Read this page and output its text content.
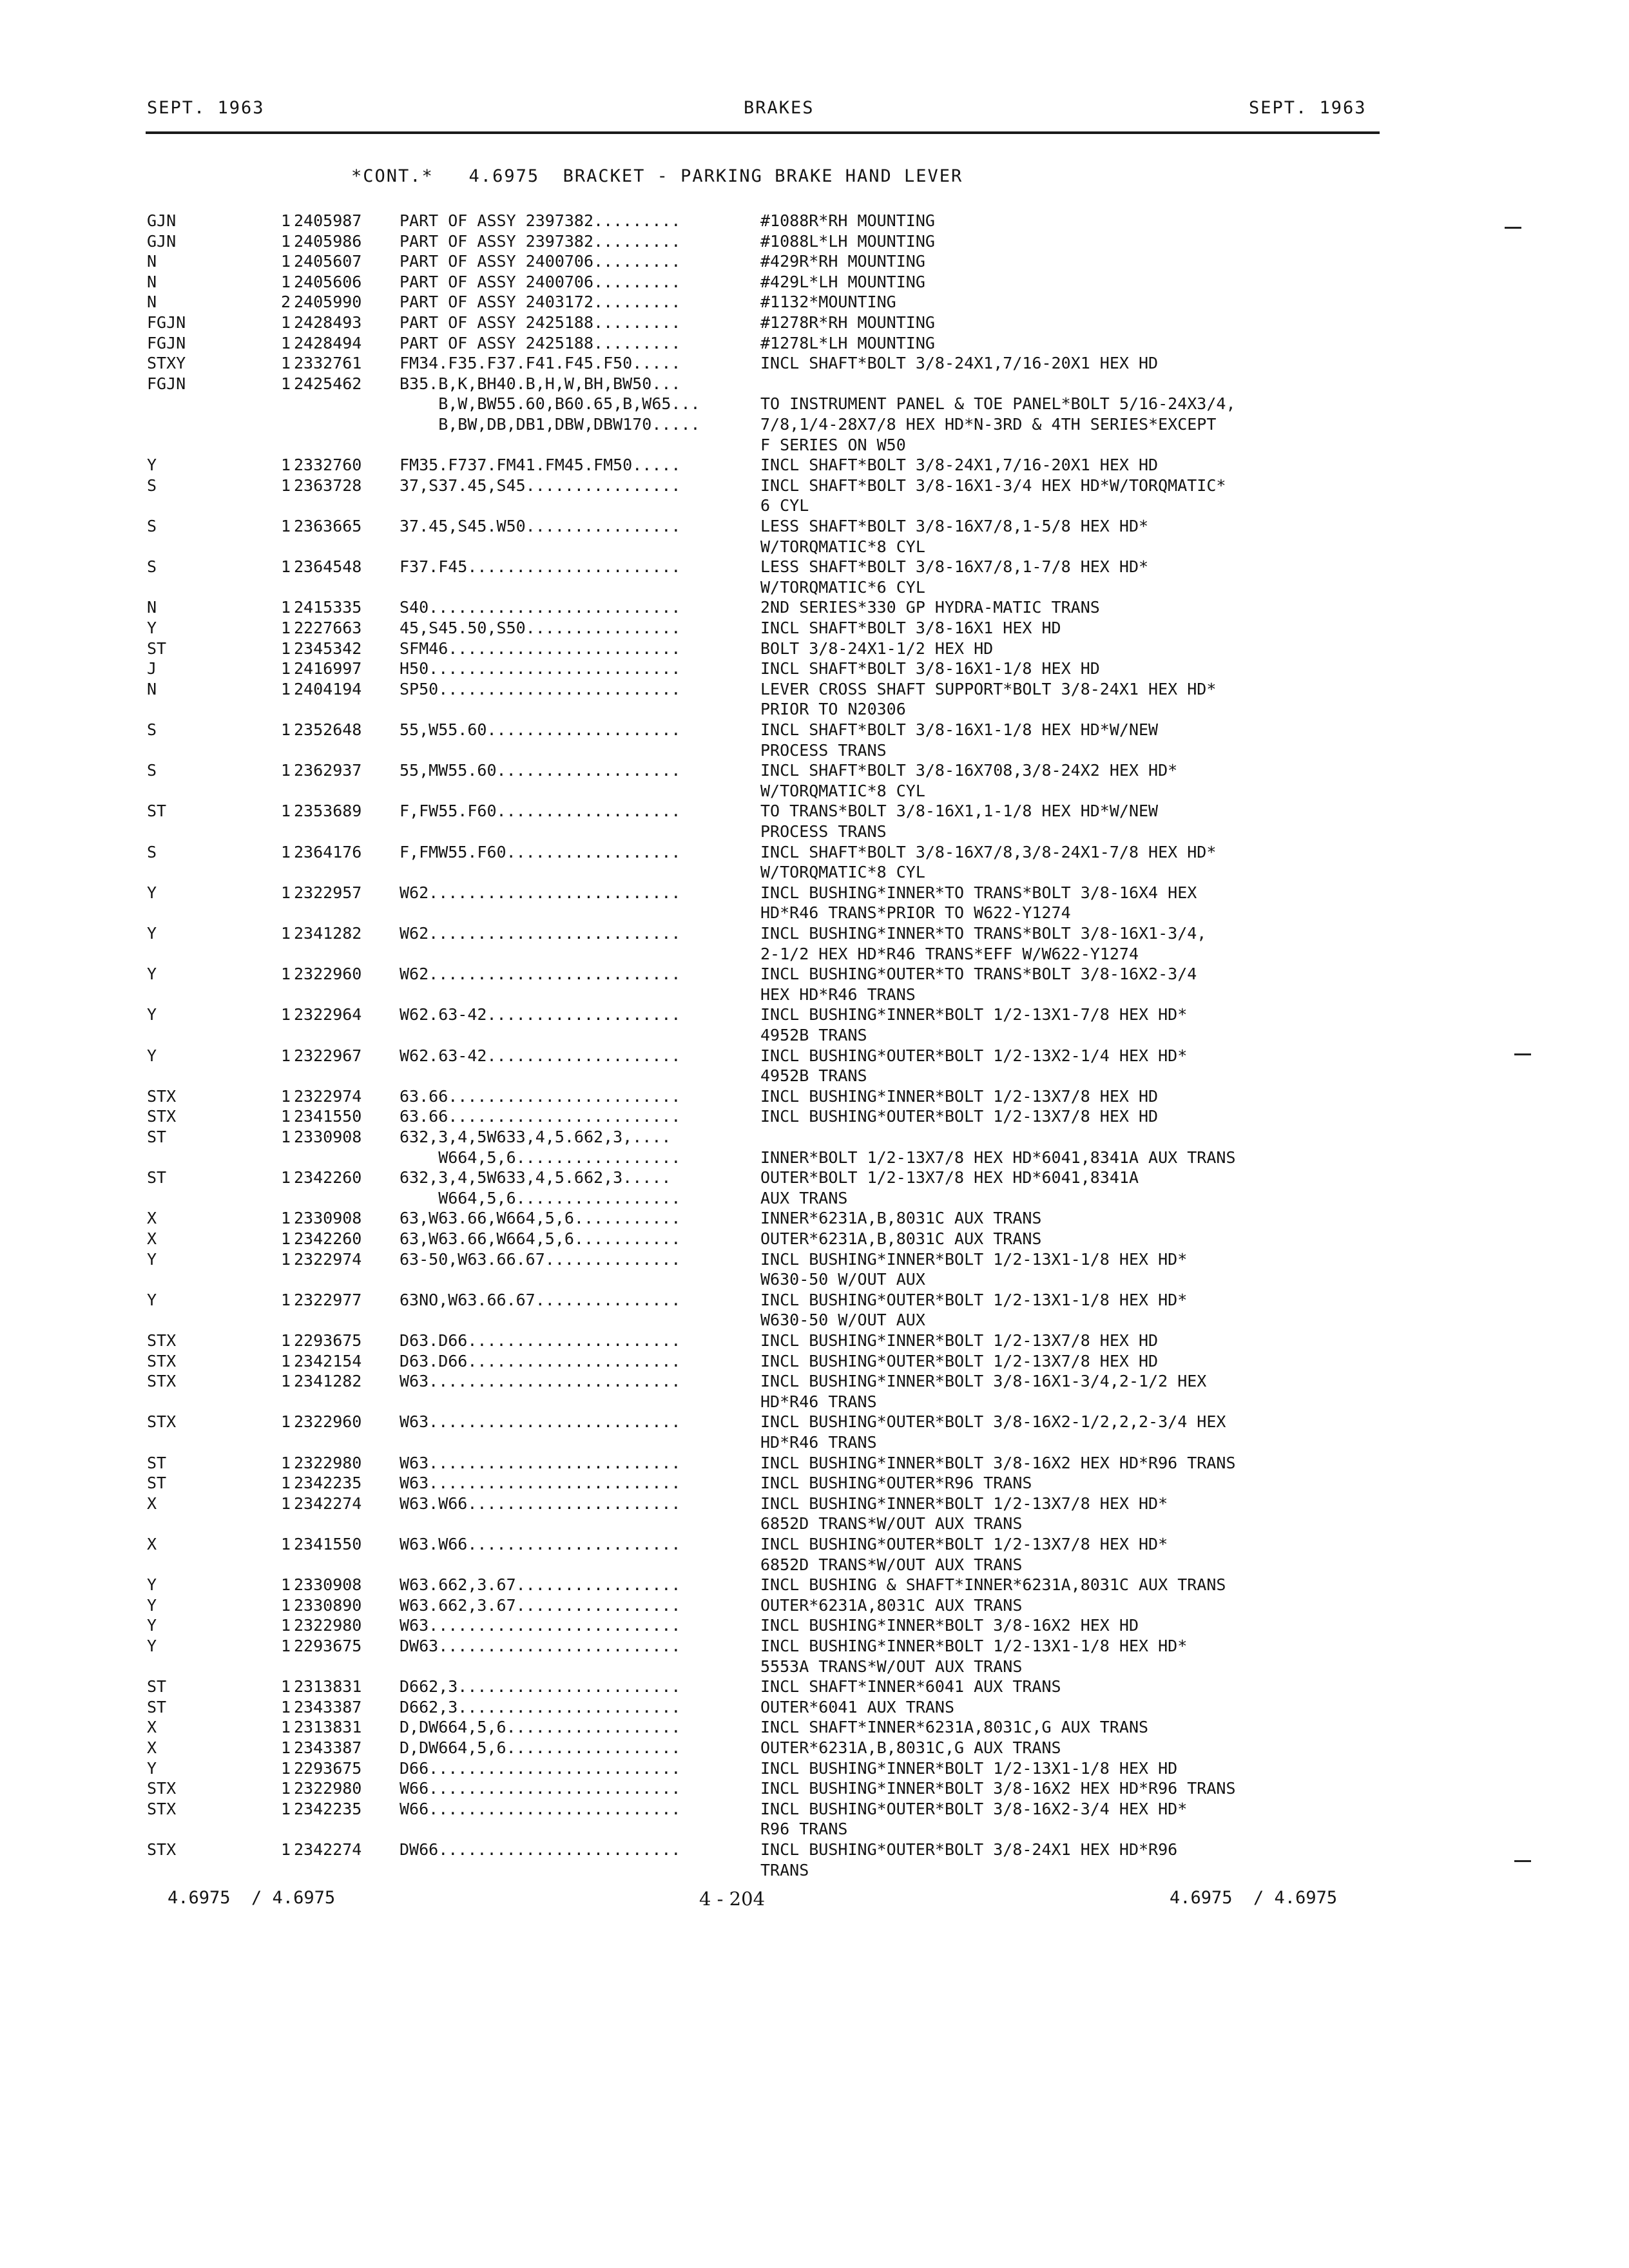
SEPT. 1963	BRAKES	SEPT. 1963
*CONT.*   4.6975  BRACKET - PARKING BRAKE HAND LEVER
GJN	1 2405987 PART OF ASSY 2397382.........	#1088R*RH MOUNTING
GJN	1 2405986 PART OF ASSY 2397382.........	#1088L*LH MOUNTING
N	1 2405607 PART OF ASSY 2400706.........	#429R*RH MOUNTING
N	1 2405606 PART OF ASSY 2400706.........	#429L*LH MOUNTING
N	2 2405990 PART OF ASSY 2403172.........	#1132*MOUNTING
FGJN	1 2428493 PART OF ASSY 2425188.........	#1278R*RH MOUNTING
FGJN	1 2428494 PART OF ASSY 2425188.........	#1278L*LH MOUNTING
STXY	1 2332761 FM34.F35.F37.F41.F45.F50.....	INCL SHAFT*BOLT 3/8-24X1,7/16-20X1 HEX HD
FGJN	1 2425462 B35.B,K,BH40.B,H,W,BH,BW50...
B,W,BW55.60,B60.65,B,W65...	TO INSTRUMENT PANEL & TOE PANEL*BOLT 5/16-24X3/4,
B,BW,DB,DB1,DBW,DBW170.....	7/8,1/4-28X7/8 HEX HD*N-3RD & 4TH SERIES*EXCEPT
F SERIES ON W50
Y	1 2332760 FM35.F737.FM41.FM45.FM50.....	INCL SHAFT*BOLT 3/8-24X1,7/16-20X1 HEX HD
S	1 2363728 37,S37.45,S45................	INCL SHAFT*BOLT 3/8-16X1-3/4 HEX HD*W/TORQMATIC*
6 CYL
S	1 2363665 37.45,S45.W50................	LESS SHAFT*BOLT 3/8-16X7/8,1-5/8 HEX HD*
W/TORQMATIC*8 CYL
S	1 2364548 F37.F45......................	LESS SHAFT*BOLT 3/8-16X7/8,1-7/8 HEX HD*
W/TORQMATIC*6 CYL
N	1 2415335 S40..........................	2ND SERIES*330 GP HYDRA-MATIC TRANS
Y	1 2227663 45,S45.50,S50................	INCL SHAFT*BOLT 3/8-16X1 HEX HD
ST	1 2345342 SFM46........................	BOLT 3/8-24X1-1/2 HEX HD
J	1 2416997 H50..........................	INCL SHAFT*BOLT 3/8-16X1-1/8 HEX HD
N	1 2404194 SP50.........................	LEVER CROSS SHAFT SUPPORT*BOLT 3/8-24X1 HEX HD*
PRIOR TO N20306
S	1 2352648 55,W55.60....................	INCL SHAFT*BOLT 3/8-16X1-1/8 HEX HD*W/NEW
PROCESS TRANS
S	1 2362937 55,MW55.60...................	INCL SHAFT*BOLT 3/8-16X708,3/8-24X2 HEX HD*
W/TORQMATIC*8 CYL
ST	1 2353689 F,FW55.F60...................	TO TRANS*BOLT 3/8-16X1,1-1/8 HEX HD*W/NEW
PROCESS TRANS
S	1 2364176 F,FMW55.F60..................	INCL SHAFT*BOLT 3/8-16X7/8,3/8-24X1-7/8 HEX HD*
W/TORQMATIC*8 CYL
Y	1 2322957 W62..........................	INCL BUSHING*INNER*TO TRANS*BOLT 3/8-16X4 HEX
HD*R46 TRANS*PRIOR TO W622-Y1274
Y	1 2341282 W62..........................	INCL BUSHING*INNER*TO TRANS*BOLT 3/8-16X1-3/4,
2-1/2 HEX HD*R46 TRANS*EFF W/W622-Y1274
Y	1 2322960 W62..........................	INCL BUSHING*OUTER*TO TRANS*BOLT 3/8-16X2-3/4
HEX HD*R46 TRANS
Y	1 2322964 W62.63-42....................	INCL BUSHING*INNER*BOLT 1/2-13X1-7/8 HEX HD*
4952B TRANS
Y	1 2322967 W62.63-42....................	INCL BUSHING*OUTER*BOLT 1/2-13X2-1/4 HEX HD*
4952B TRANS
STX	1 2322974 63.66........................	INCL BUSHING*INNER*BOLT 1/2-13X7/8 HEX HD
STX	1 2341550 63.66........................	INCL BUSHING*OUTER*BOLT 1/2-13X7/8 HEX HD
ST	1 2330908 632,3,4,5W633,4,5.662,3,....
W664,5,6.................	INNER*BOLT 1/2-13X7/8 HEX HD*6041,8341A AUX TRANS
ST	1 2342260 632,3,4,5W633,4,5.662,3.....	OUTER*BOLT 1/2-13X7/8 HEX HD*6041,8341A
W664,5,6.................	AUX TRANS
X	1 2330908 63,W63.66,W664,5,6...........	INNER*6231A,B,8031C AUX TRANS
X	1 2342260 63,W63.66,W664,5,6...........	OUTER*6231A,B,8031C AUX TRANS
Y	1 2322974 63-50,W63.66.67..............	INCL BUSHING*INNER*BOLT 1/2-13X1-1/8 HEX HD*
W630-50 W/OUT AUX
Y	1 2322977 63NO,W63.66.67...............	INCL BUSHING*OUTER*BOLT 1/2-13X1-1/8 HEX HD*
W630-50 W/OUT AUX
STX	1 2293675 D63.D66......................	INCL BUSHING*INNER*BOLT 1/2-13X7/8 HEX HD
STX	1 2342154 D63.D66......................	INCL BUSHING*OUTER*BOLT 1/2-13X7/8 HEX HD
STX	1 2341282 W63..........................	INCL BUSHING*INNER*BOLT 3/8-16X1-3/4,2-1/2 HEX
HD*R46 TRANS
STX	1 2322960 W63..........................	INCL BUSHING*OUTER*BOLT 3/8-16X2-1/2,2,2-3/4 HEX
HD*R46 TRANS
ST	1 2322980 W63..........................	INCL BUSHING*INNER*BOLT 3/8-16X2 HEX HD*R96 TRANS
ST	1 2342235 W63..........................	INCL BUSHING*OUTER*R96 TRANS
X	1 2342274 W63.W66......................	INCL BUSHING*INNER*BOLT 1/2-13X7/8 HEX HD*
6852D TRANS*W/OUT AUX TRANS
X	1 2341550 W63.W66......................	INCL BUSHING*OUTER*BOLT 1/2-13X7/8 HEX HD*
6852D TRANS*W/OUT AUX TRANS
Y	1 2330908 W63.662,3.67.................	INCL BUSHING & SHAFT*INNER*6231A,8031C AUX TRANS
Y	1 2330890 W63.662,3.67.................	OUTER*6231A,8031C AUX TRANS
Y	1 2322980 W63..........................	INCL BUSHING*INNER*BOLT 3/8-16X2 HEX HD
Y	1 2293675 DW63.........................	INCL BUSHING*INNER*BOLT 1/2-13X1-1/8 HEX HD*
5553A TRANS*W/OUT AUX TRANS
ST	1 2313831 D662,3.......................	INCL SHAFT*INNER*6041 AUX TRANS
ST	1 2343387 D662,3.......................	OUTER*6041 AUX TRANS
X	1 2313831 D,DW664,5,6..................	INCL SHAFT*INNER*6231A,8031C,G AUX TRANS
X	1 2343387 D,DW664,5,6..................	OUTER*6231A,B,8031C,G AUX TRANS
Y	1 2293675 D66..........................	INCL BUSHING*INNER*BOLT 1/2-13X1-1/8 HEX HD
STX	1 2322980 W66..........................	INCL BUSHING*INNER*BOLT 3/8-16X2 HEX HD*R96 TRANS
STX	1 2342235 W66..........................	INCL BUSHING*OUTER*BOLT 3/8-16X2-3/4 HEX HD*
R96 TRANS
STX	1 2342274 DW66.........................	INCL BUSHING*OUTER*BOLT 3/8-24X1 HEX HD*R96
TRANS
4.6975  / 4.6975	4 - 204	4.6975  / 4.6975
